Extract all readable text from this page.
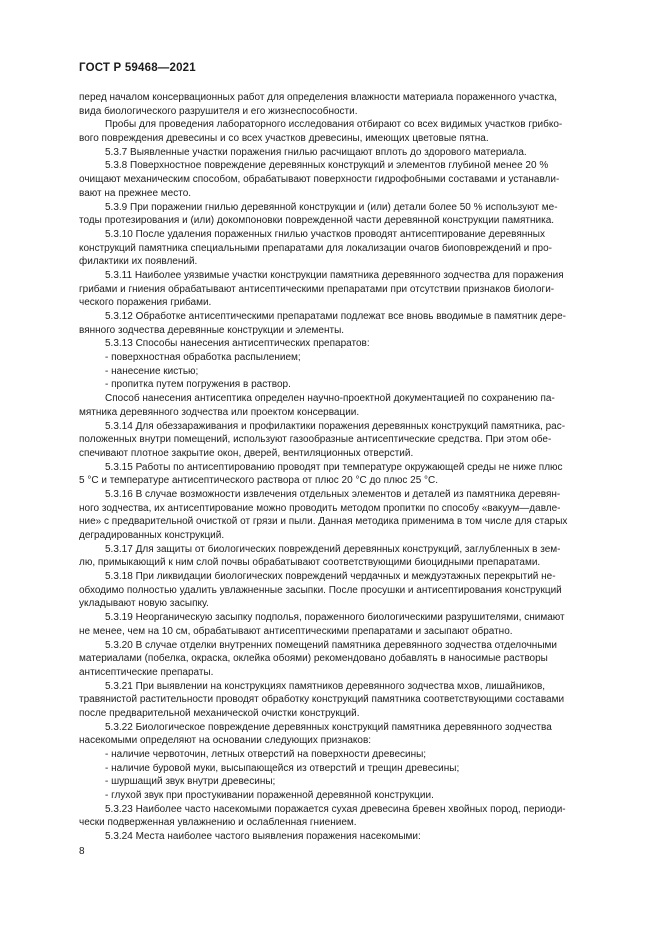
ГОСТ Р 59468—2021
перед началом консервационных работ для определения влажности материала пораженного участка,
вида биологического разрушителя и его жизнеспособности.
Пробы для проведения лабораторного исследования отбирают со всех видимых участков грибко-
вого повреждения древесины и со всех участков древесины, имеющих цветовые пятна.
5.3.7 Выявленные участки поражения гнилью расчищают вплоть до здорового материала.
5.3.8 Поверхностное повреждение деревянных конструкций и элементов глубиной менее 20 %
очищают механическим способом, обрабатывают поверхности гидрофобными составами и устанавли-
вают на прежнее место.
5.3.9 При поражении гнилью деревянной конструкции и (или) детали более 50 % используют ме-
тоды протезирования и (или) докомпоновки поврежденной части деревянной конструкции памятника.
5.3.10 После удаления пораженных гнилью участков проводят антисептирование деревянных
конструкций памятника специальными препаратами для локализации очагов биоповреждений и про-
филактики их появлений.
5.3.11 Наиболее уязвимые участки конструкции памятника деревянного зодчества для поражения
грибами и гниения обрабатывают антисептическими препаратами при отсутствии признаков биологи-
ческого поражения грибами.
5.3.12 Обработке антисептическими препаратами подлежат все вновь вводимые в памятник дере-
вянного зодчества деревянные конструкции и элементы.
5.3.13 Способы нанесения антисептических препаратов:
- поверхностная обработка распылением;
- нанесение кистью;
- пропитка путем погружения в раствор.
Способ нанесения антисептика определен научно-проектной документацией по сохранению па-
мятника деревянного зодчества или проектом консервации.
5.3.14 Для обеззараживания и профилактики поражения деревянных конструкций памятника, рас-
положенных внутри помещений, используют газообразные антисептические средства. При этом обе-
спечивают плотное закрытие окон, дверей, вентиляционных отверстий.
5.3.15 Работы по антисептированию проводят при температуре окружающей среды не ниже плюс
5 °С и температуре антисептического раствора от плюс 20 °С до плюс 25 °С.
5.3.16 В случае возможности извлечения отдельных элементов и деталей из памятника деревян-
ного зодчества, их антисептирование можно проводить методом пропитки по способу «вакуум—давле-
ние» с предварительной очисткой от грязи и пыли. Данная методика применима в том числе для старых
деградированных конструкций.
5.3.17 Для защиты от биологических повреждений деревянных конструкций, заглубленных в зем-
лю, примыкающий к ним слой почвы обрабатывают соответствующими биоцидными препаратами.
5.3.18 При ликвидации биологических повреждений чердачных и междуэтажных перекрытий не-
обходимо полностью удалить увлажненные засыпки. После просушки и антисептирования конструкций
укладывают новую засыпку.
5.3.19 Неорганическую засыпку подполья, пораженного биологическими разрушителями, снимают
не менее, чем на 10 см, обрабатывают антисептическими препаратами и засыпают обратно.
5.3.20 В случае отделки внутренних помещений памятника деревянного зодчества отделочными
материалами (побелка, окраска, оклейка обоями) рекомендовано добавлять в наносимые растворы
антисептические препараты.
5.3.21 При выявлении на конструкциях памятников деревянного зодчества мхов, лишайников,
травянистой растительности проводят обработку конструкций памятника соответствующими составами
после предварительной механической очистки конструкций.
5.3.22 Биологическое повреждение деревянных конструкций памятника деревянного зодчества
насекомыми определяют на основании следующих признаков:
- наличие червоточин, летных отверстий на поверхности древесины;
- наличие буровой муки, высыпающейся из отверстий и трещин древесины;
- шуршащий звук внутри древесины;
- глухой звук при простукивании пораженной деревянной конструкции.
5.3.23 Наиболее часто насекомыми поражается сухая древесина бревен хвойных пород, периоди-
чески подверженная увлажнению и ослабленная гниением.
5.3.24 Места наиболее частого выявления поражения насекомыми:
8
